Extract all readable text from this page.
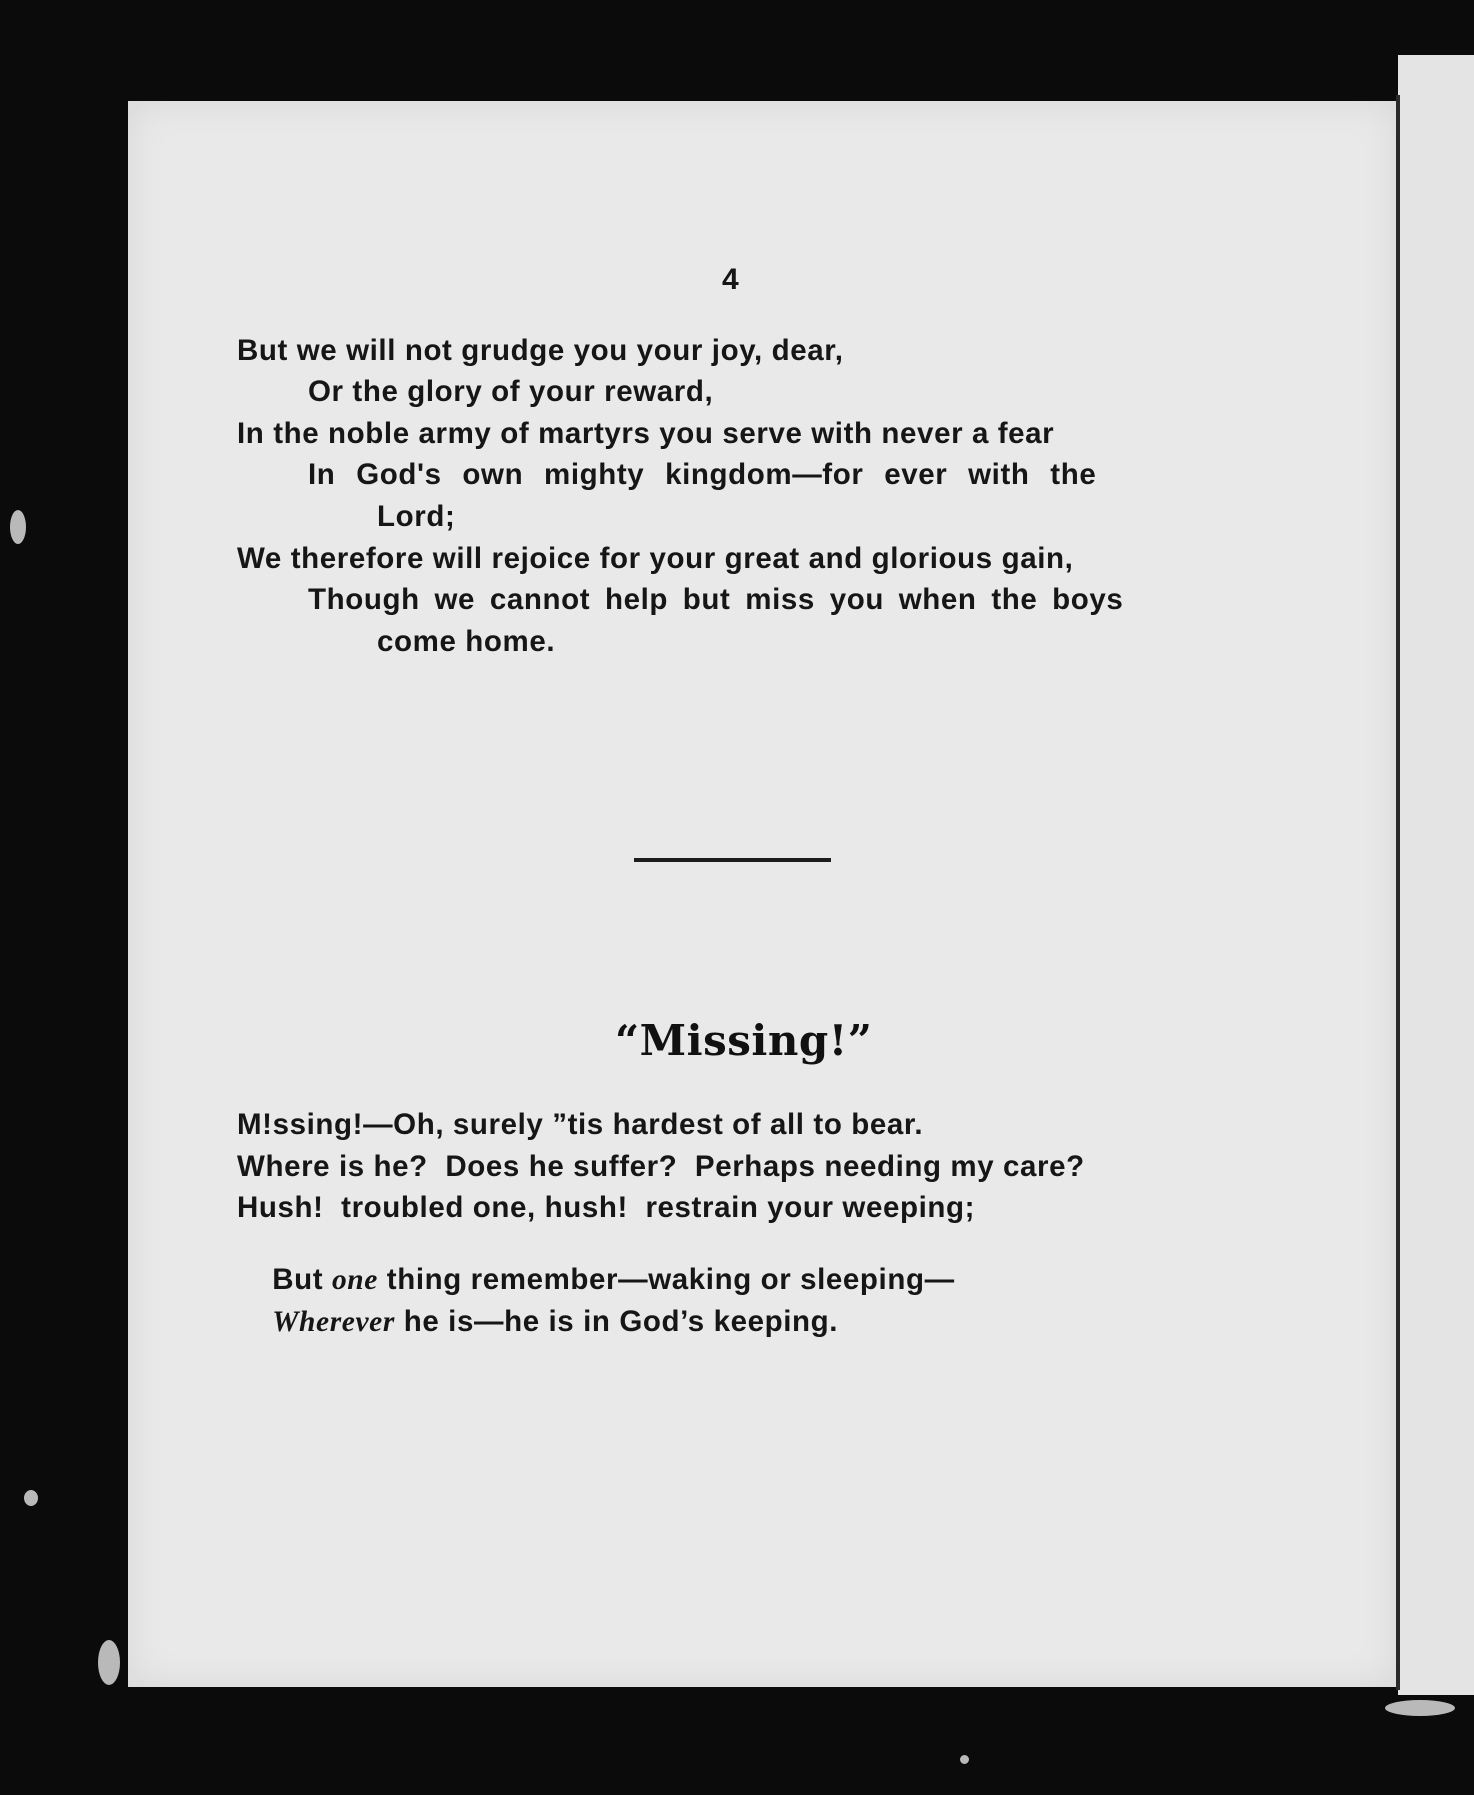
4
But we will not grudge you your joy, dear,
Or the glory of your reward,
In the noble army of martyrs you serve with never a fear
In God's own mighty kingdom—for ever with the
Lord;
We therefore will rejoice for your great and glorious gain,
Though we cannot help but miss you when the boys
come home.
“Missing!”
M!ssing!—Oh, surely ”tis hardest of all to bear.
Where is he?  Does he suffer?  Perhaps needing my care?
Hush!  troubled one, hush!  restrain your weeping;

But one thing remember—waking or sleeping—

Wherever he is—he is in God’s keeping.
